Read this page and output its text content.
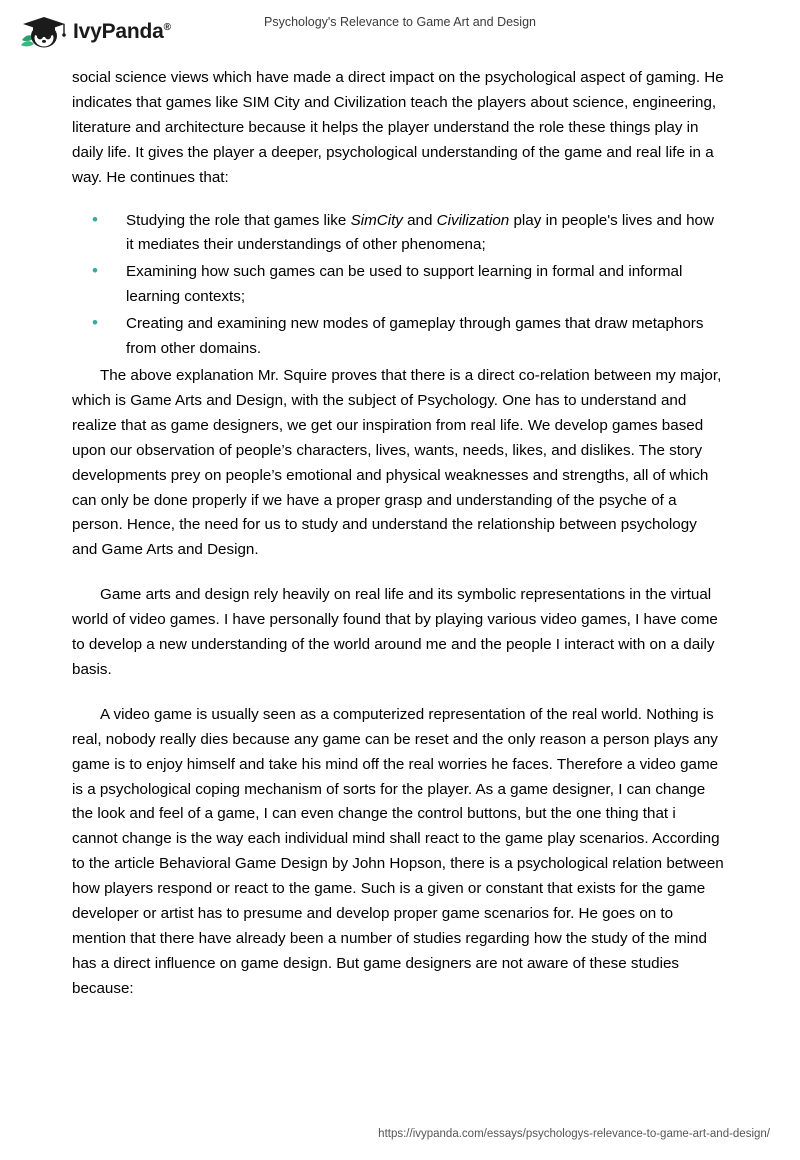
IvyPanda®	Psychology's Relevance to Game Art and Design

social science views which have made a direct impact on the psychological aspect of gaming. He indicates that games like SIM City and Civilization teach the players about science, engineering, literature and architecture because it helps the player understand the role these things play in daily life. It gives the player a deeper, psychological understanding of the game and real life in a way. He continues that:

• Studying the role that games like SimCity and Civilization play in people's lives and how it mediates their understandings of other phenomena;
• Examining how such games can be used to support learning in formal and informal learning contexts;
• Creating and examining new modes of gameplay through games that draw metaphors from other domains.

The above explanation Mr. Squire proves that there is a direct co-relation between my major, which is Game Arts and Design, with the subject of Psychology. One has to understand and realize that as game designers, we get our inspiration from real life. We develop games based upon our observation of people’s characters, lives, wants, needs, likes, and dislikes. The story developments prey on people’s emotional and physical weaknesses and strengths, all of which can only be done properly if we have a proper grasp and understanding of the psyche of a person. Hence, the need for us to study and understand the relationship between psychology and Game Arts and Design.

Game arts and design rely heavily on real life and its symbolic representations in the virtual world of video games. I have personally found that by playing various video games, I have come to develop a new understanding of the world around me and the people I interact with on a daily basis.

A video game is usually seen as a computerized representation of the real world. Nothing is real, nobody really dies because any game can be reset and the only reason a person plays any game is to enjoy himself and take his mind off the real worries he faces. Therefore a video game is a psychological coping mechanism of sorts for the player. As a game designer, I can change the look and feel of a game, I can even change the control buttons, but the one thing that i cannot change is the way each individual mind shall react to the game play scenarios. According to the article Behavioral Game Design by John Hopson, there is a psychological relation between how players respond or react to the game. Such is a given or constant that exists for the game developer or artist has to presume and develop proper game scenarios for. He goes on to mention that there have already been a number of studies regarding how the study of the mind has a direct influence on game design. But game designers are not aware of these studies because:

https://ivypanda.com/essays/psychologys-relevance-to-game-art-and-design/
